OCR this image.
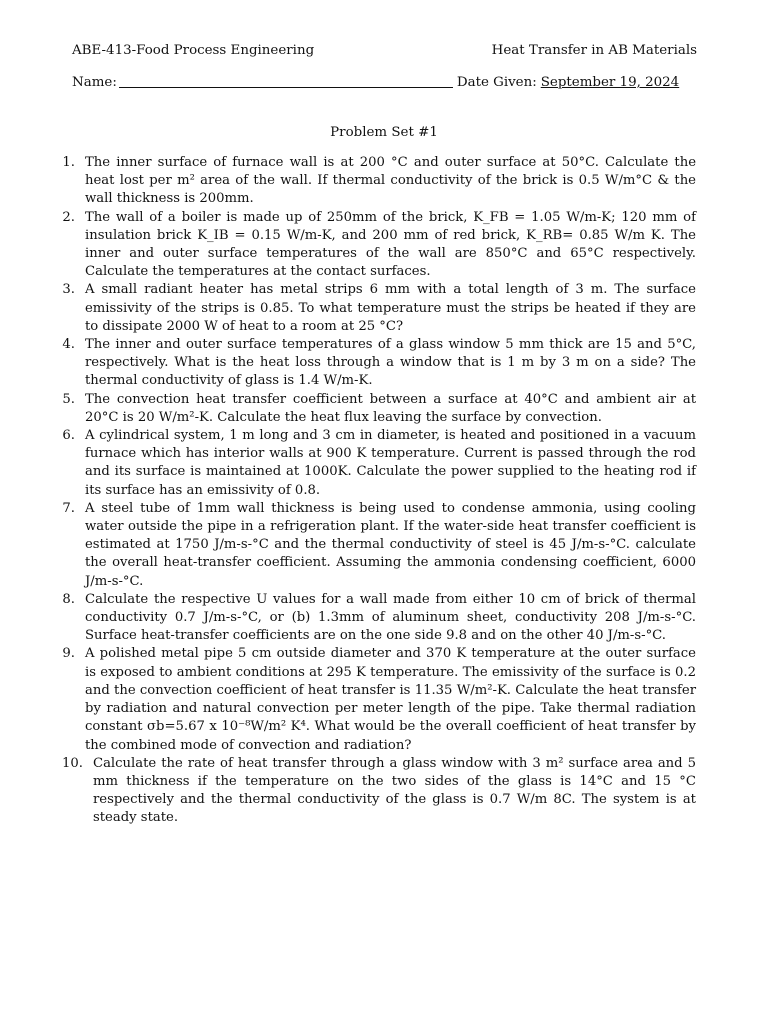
ABE-413-Food Process Engineering	Heat Transfer in AB Materials
Name:	Date Given: September 19, 2024
Problem Set #1
1. The inner surface of furnace wall is at 200 °C and outer surface at 50°C. Calculate the heat lost per m² area of the wall. If thermal conductivity of the brick is 0.5 W/m°C & the wall thickness is 200mm.
2. The wall of a boiler is made up of 250mm of the brick, K_FB = 1.05 W/m-K; 120 mm of insulation brick K_IB = 0.15 W/m-K, and 200 mm of red brick, K_RB= 0.85 W/m K. The inner and outer surface temperatures of the wall are 850°C and 65°C respectively. Calculate the temperatures at the contact surfaces.
3. A small radiant heater has metal strips 6 mm with a total length of 3 m. The surface emissivity of the strips is 0.85. To what temperature must the strips be heated if they are to dissipate 2000 W of heat to a room at 25 °C?
4. The inner and outer surface temperatures of a glass window 5 mm thick are 15 and 5°C, respectively. What is the heat loss through a window that is 1 m by 3 m on a side? The thermal conductivity of glass is 1.4 W/m-K.
5. The convection heat transfer coefficient between a surface at 40°C and ambient air at 20°C is 20 W/m²-K. Calculate the heat flux leaving the surface by convection.
6. A cylindrical system, 1 m long and 3 cm in diameter, is heated and positioned in a vacuum furnace which has interior walls at 900 K temperature. Current is passed through the rod and its surface is maintained at 1000K. Calculate the power supplied to the heating rod if its surface has an emissivity of 0.8.
7. A steel tube of 1mm wall thickness is being used to condense ammonia, using cooling water outside the pipe in a refrigeration plant. If the water-side heat transfer coefficient is estimated at 1750 J/m-s-°C and the thermal conductivity of steel is 45 J/m-s-°C. calculate the overall heat-transfer coefficient. Assuming the ammonia condensing coefficient, 6000 J/m-s-°C.
8. Calculate the respective U values for a wall made from either 10 cm of brick of thermal conductivity 0.7 J/m-s-°C, or (b) 1.3mm of aluminum sheet, conductivity 208 J/m-s-°C. Surface heat-transfer coefficients are on the one side 9.8 and on the other 40 J/m-s-°C.
9. A polished metal pipe 5 cm outside diameter and 370 K temperature at the outer surface is exposed to ambient conditions at 295 K temperature. The emissivity of the surface is 0.2 and the convection coefficient of heat transfer is 11.35 W/m²-K. Calculate the heat transfer by radiation and natural convection per meter length of the pipe. Take thermal radiation constant σb=5.67 x 10⁻⁸W/m² K⁴. What would be the overall coefficient of heat transfer by the combined mode of convection and radiation?
10. Calculate the rate of heat transfer through a glass window with 3 m² surface area and 5 mm thickness if the temperature on the two sides of the glass is 14°C and 15 °C respectively and the thermal conductivity of the glass is 0.7 W/m 8C. The system is at steady state.
